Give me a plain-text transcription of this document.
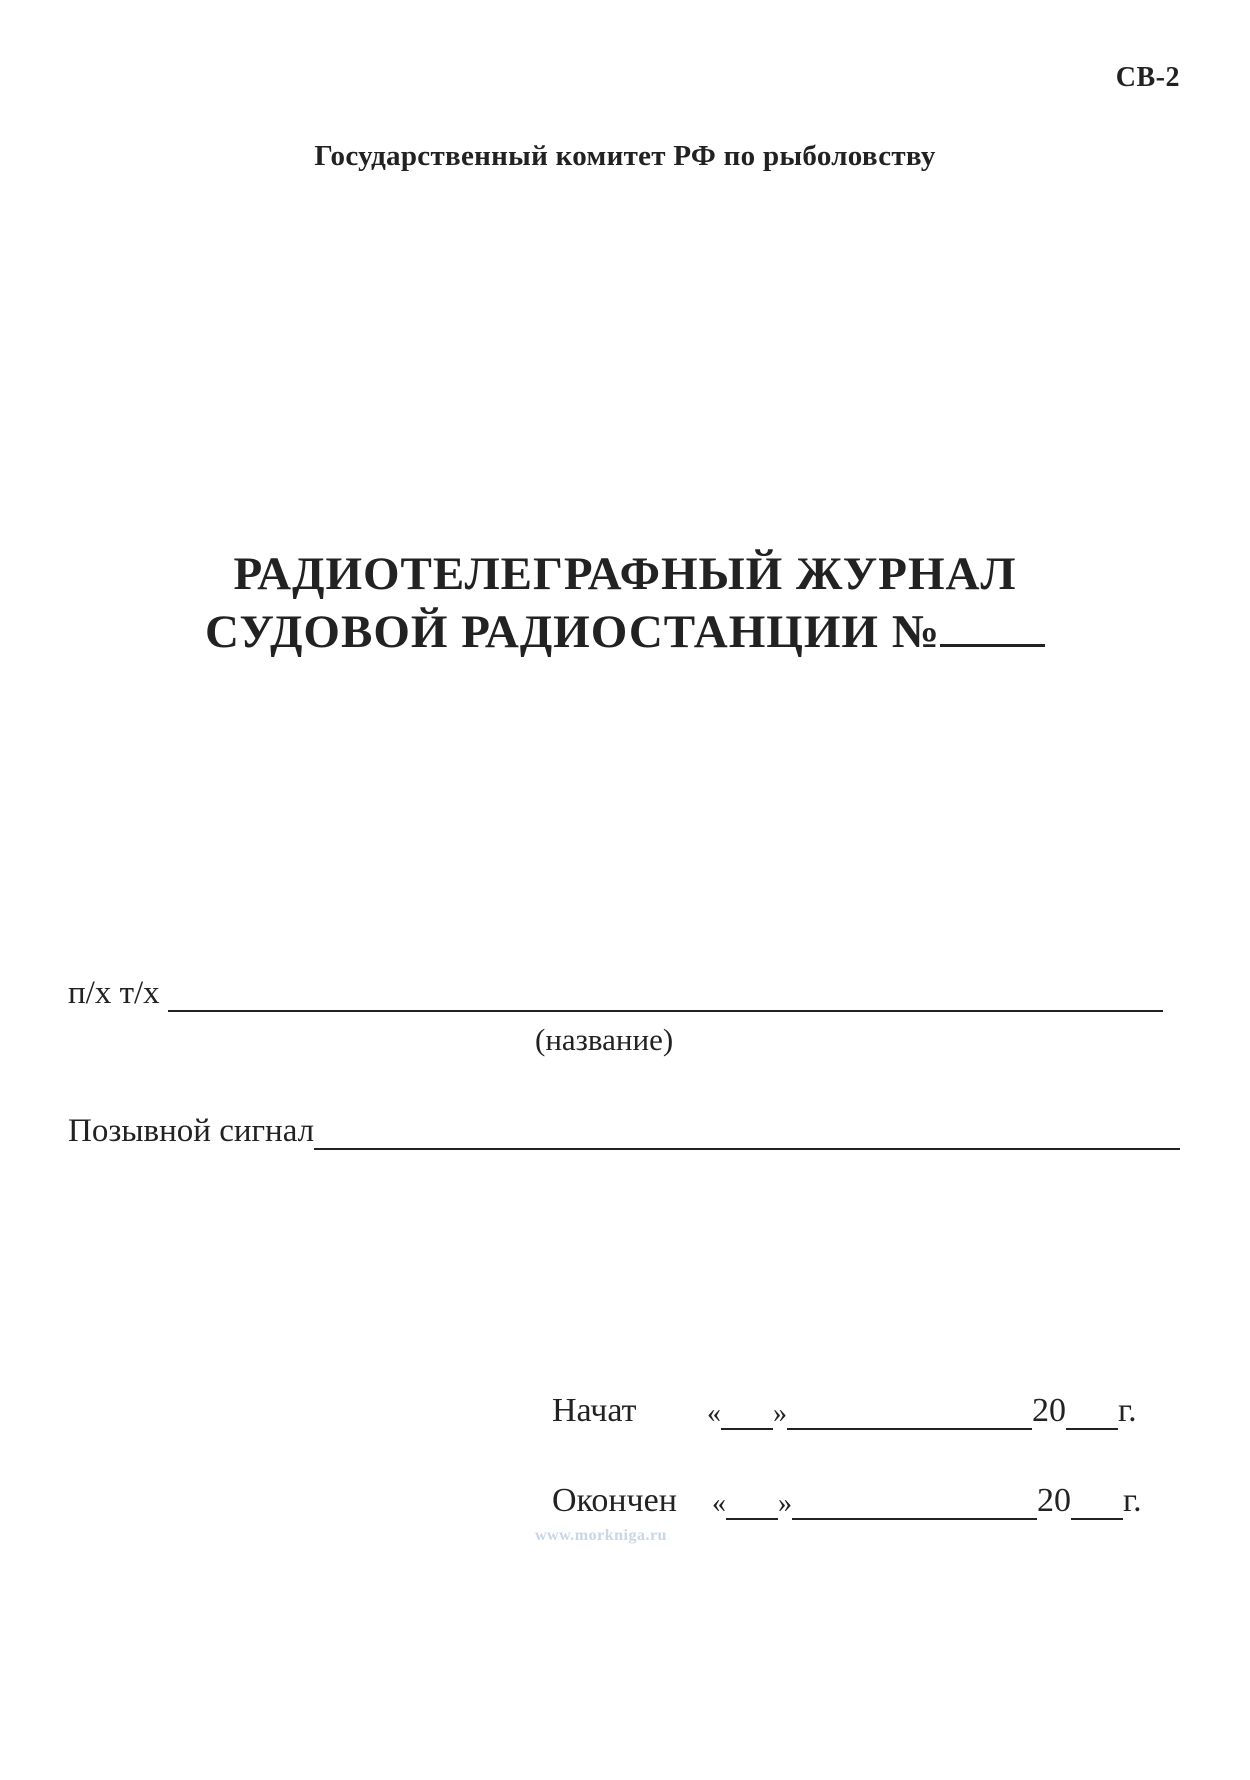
СВ-2
Государственный комитет РФ по рыболовству
РАДИОТЕЛЕГРАФНЫЙ ЖУРНАЛ
СУДОВОЙ РАДИОСТАНЦИИ №
п/х т/х
(название)
Позывной сигнал
Начат	« »	20 г.
Окончен	« »	20 г.
www.morkniga.ru
